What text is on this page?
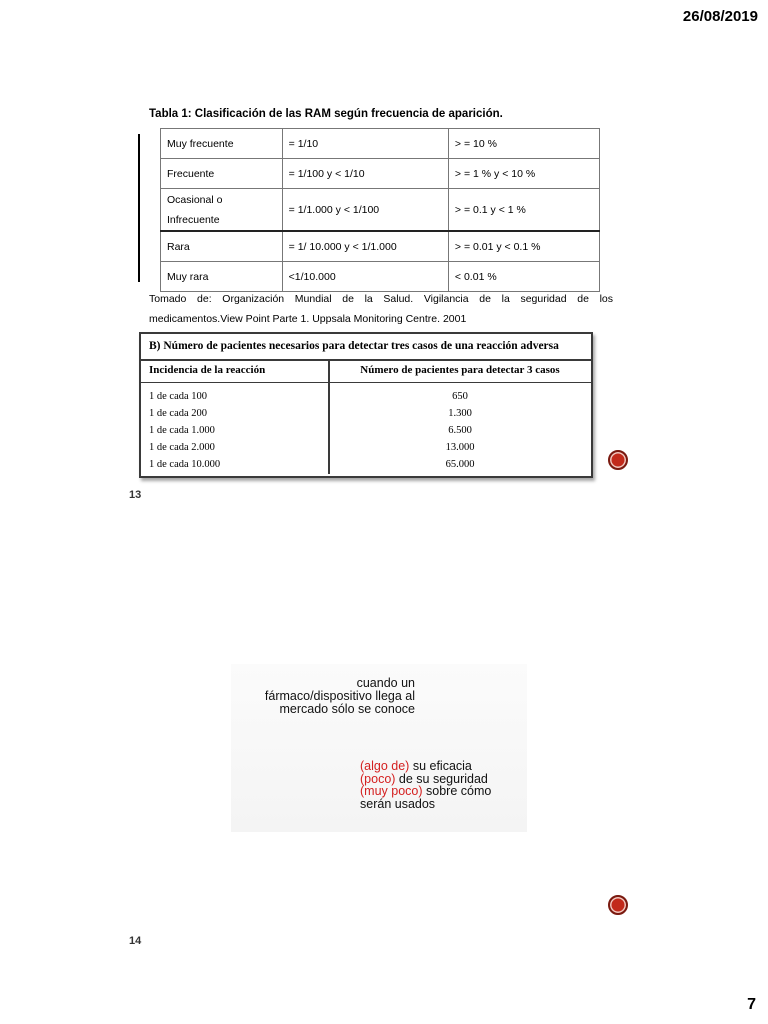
26/08/2019
Tabla 1: Clasificación de las RAM según frecuencia de aparición.
Muy frecuente	= 1/10	> = 10 %
Frecuente	= 1/100 y < 1/10	> = 1 % y < 10 %

Ocasional o
Infrecuente	= 1/1.000 y < 1/100	> = 0.1 y < 1 %
Rara	= 1/ 10.000 y < 1/1.000	> = 0.01 y < 0.1 %
Muy rara	<1/10.000	< 0.01 %
Tomado de: Organización Mundial de la Salud. Vigilancia de la seguridad de los medicamentos.View Point Parte 1. Uppsala Monitoring Centre. 2001
B) Número de pacientes necesarios para detectar tres casos de una reacción adversa
Incidencia de la reacción	Número de pacientes para detectar 3 casos
1 de cada 100	650
1 de cada 200	1.300
1 de cada 1.000	6.500
1 de cada 2.000	13.000
1 de cada 10.000	65.000
13
cuando un
fármaco/dispositivo llega al
mercado sólo se conoce
(algo de) su eficacia
(poco) de su seguridad
(muy poco) sobre cómo
serán usados
14
7
